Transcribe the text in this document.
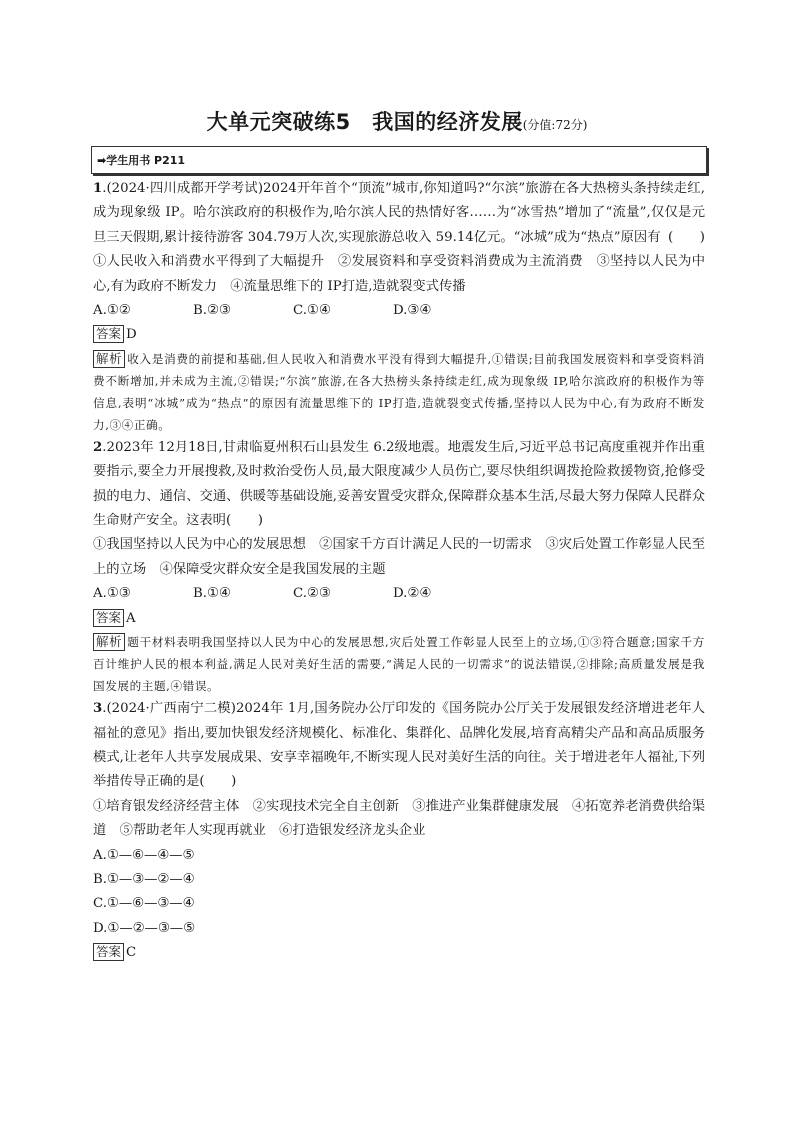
大单元突破练5　我国的经济发展(分值:72分)
➡学生用书 P211

1.(2024·四川成都开学考试)2024开年首个“顶流”城市,你知道吗?“尔滨”旅游在各大热榜头条持续走红,成为现象级 IP。哈尔滨政府的积极作为,哈尔滨人民的热情好客……为“冰雪热”增加了“流量”,仅仅是元旦三天假期,累计接待游客 304.79万人次,实现旅游总收入 59.14亿元。“冰城”成为“热点”原因有 (　　)

①人民收入和消费水平得到了大幅提升　②发展资料和享受资料消费成为主流消费　③坚持以人民为中心,有为政府不断发力　④流量思维下的 IP打造,造就裂变式传播

A.①②	B.②③	C.①④	D.③④

答案 D

解析 收入是消费的前提和基础,但人民收入和消费水平没有得到大幅提升,①错误;目前我国发展资料和享受资料消费不断增加,并未成为主流,②错误;“尔滨”旅游,在各大热榜头条持续走红,成为现象级 IP,哈尔滨政府的积极作为等信息,表明“冰城”成为“热点”的原因有流量思维下的 IP打造,造就裂变式传播,坚持以人民为中心,有为政府不断发力,③④正确。

2.2023年 12月18日,甘肃临夏州积石山县发生 6.2级地震。地震发生后,习近平总书记高度重视并作出重要指示,要全力开展搜救,及时救治受伤人员,最大限度减少人员伤亡,要尽快组织调拨抢险救援物资,抢修受损的电力、通信、交通、供暖等基础设施,妥善安置受灾群众,保障群众基本生活,尽最大努力保障人民群众生命财产安全。这表明(　　)

①我国坚持以人民为中心的发展思想　②国家千方百计满足人民的一切需求　③灾后处置工作彰显人民至上的立场　④保障受灾群众安全是我国发展的主题

A.①③	B.①④	C.②③	D.②④

答案 A

解析 题干材料表明我国坚持以人民为中心的发展思想,灾后处置工作彰显人民至上的立场,①③符合题意;国家千方百计维护人民的根本利益,满足人民对美好生活的需要,“满足人民的一切需求”的说法错误,②排除;高质量发展是我国发展的主题,④错误。

3.(2024·广西南宁二模)2024年 1月,国务院办公厅印发的《国务院办公厅关于发展银发经济增进老年人福祉的意见》指出,要加快银发经济规模化、标准化、集群化、品牌化发展,培育高精尖产品和高品质服务模式,让老年人共享发展成果、安享幸福晚年,不断实现人民对美好生活的向往。关于增进老年人福祉,下列举措传导正确的是(　　)

①培育银发经济经营主体　②实现技术完全自主创新　③推进产业集群健康发展　④拓宽养老消费供给渠道　⑤帮助老年人实现再就业　⑥打造银发经济龙头企业

A.①—⑥—④—⑤

B.①—③—②—④

C.①—⑥—③—④

D.①—②—③—⑤

答案 C
